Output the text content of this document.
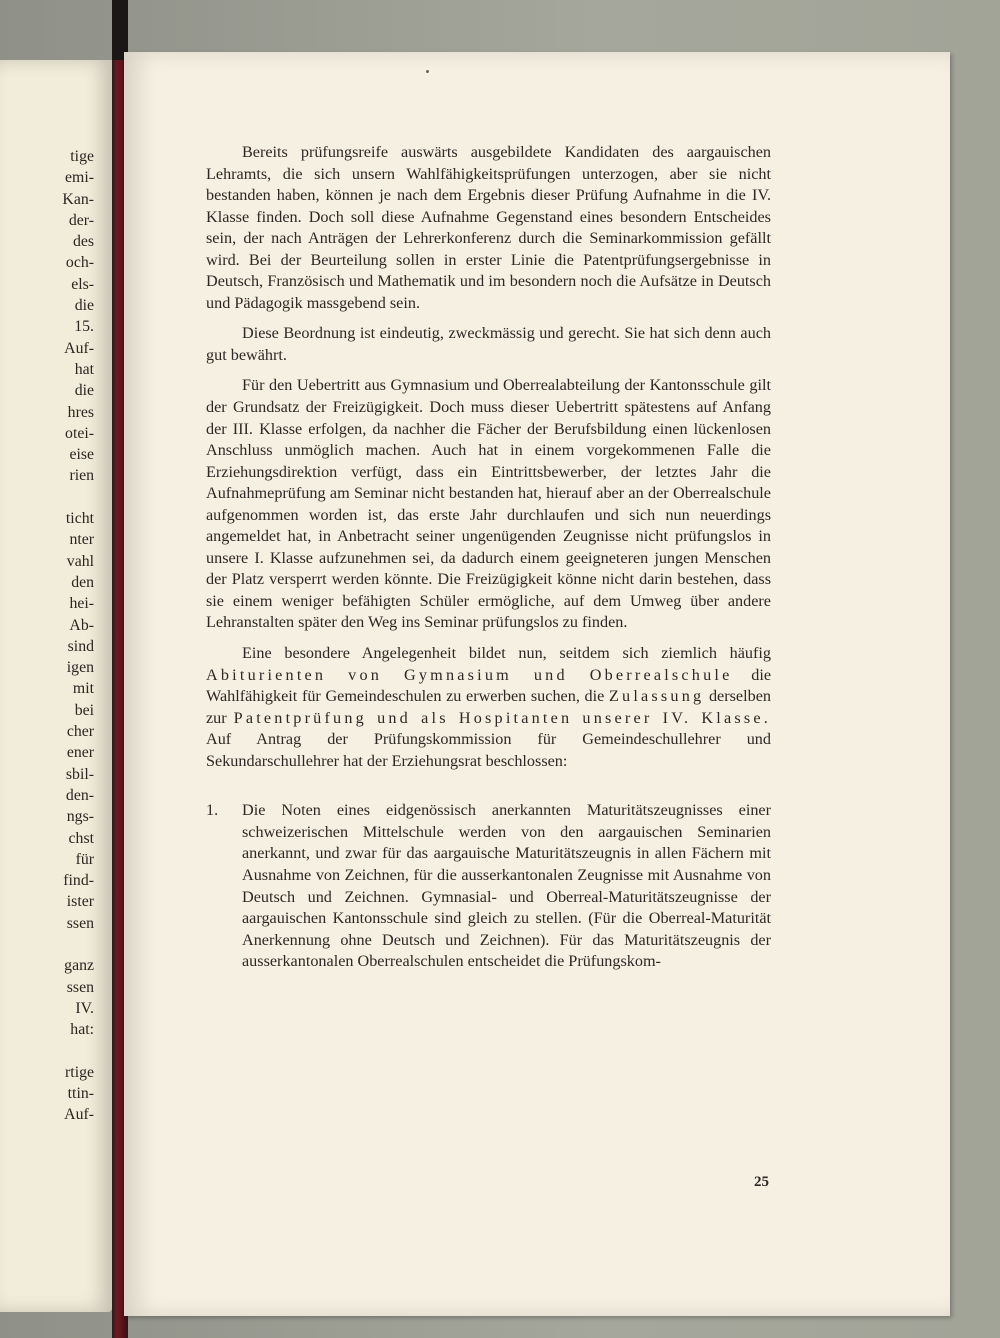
tige
emi-
Kan-
der-
des
och-
els-
die
15.
Auf-
hat
die
hres
otei-
eise
rien
ticht
nter
vahl
den
hei-
Ab-
sind
igen
mit
bei
cher
ener
sbil-
den-
ngs-
chst
für
find-
ister
ssen
ganz
ssen
IV.
hat:
rtige
ttin-
Auf-

Bereits prüfungsreife auswärts ausgebildete Kandidaten des aargauischen Lehramts, die sich unsern Wahlfähigkeitsprüfungen unterzogen, aber sie nicht bestanden haben, können je nach dem Ergebnis dieser Prüfung Aufnahme in die IV. Klasse finden. Doch soll diese Aufnahme Gegenstand eines besondern Entscheides sein, der nach Anträgen der Lehrerkonferenz durch die Seminarkommission gefällt wird. Bei der Beurteilung sollen in erster Linie die Patentprüfungsergebnisse in Deutsch, Französisch und Mathematik und im besondern noch die Aufsätze in Deutsch und Pädagogik massgebend sein.

Diese Beordnung ist eindeutig, zweckmässig und gerecht. Sie hat sich denn auch gut bewährt.

Für den Uebertritt aus Gymnasium und Oberrealabteilung der Kantonsschule gilt der Grundsatz der Freizügigkeit. Doch muss dieser Uebertritt spätestens auf Anfang der III. Klasse erfolgen, da nachher die Fächer der Berufsbildung einen lückenlosen Anschluss unmöglich machen. Auch hat in einem vorgekommenen Falle die Erziehungsdirektion verfügt, dass ein Eintrittsbewerber, der letztes Jahr die Aufnahmeprüfung am Seminar nicht bestanden hat, hierauf aber an der Oberrealschule aufgenommen worden ist, das erste Jahr durchlaufen und sich nun neuerdings angemeldet hat, in Anbetracht seiner ungenügenden Zeugnisse nicht prüfungslos in unsere I. Klasse aufzunehmen sei, da dadurch einem geeigneteren jungen Menschen der Platz versperrt werden könnte. Die Freizügigkeit könne nicht darin bestehen, dass sie einem weniger befähigten Schüler ermögliche, auf dem Umweg über andere Lehranstalten später den Weg ins Seminar prüfungslos zu finden.

Eine besondere Angelegenheit bildet nun, seitdem sich ziemlich häufig Abiturienten von Gymnasium und Oberrealschule die Wahlfähigkeit für Gemeindeschulen zu erwerben suchen, die Zulassung derselben zur Patentprüfung und als Hospitanten unserer IV. Klasse. Auf Antrag der Prüfungskommission für Gemeindeschullehrer und Sekundarschullehrer hat der Erziehungsrat beschlossen:

1. Die Noten eines eidgenössisch anerkannten Maturitätszeugnisses einer schweizerischen Mittelschule werden von den aargauischen Seminarien anerkannt, und zwar für das aargauische Maturitätszeugnis in allen Fächern mit Ausnahme von Zeichnen, für die ausserkantonalen Zeugnisse mit Ausnahme von Deutsch und Zeichnen. Gymnasial- und Oberreal-Maturitätszeugnisse der aargauischen Kantonsschule sind gleich zu stellen. (Für die Oberreal-Maturität Anerkennung ohne Deutsch und Zeichnen). Für das Maturitätszeugnis der ausserkantonalen Oberrealschulen entscheidet die Prüfungskom-
25
